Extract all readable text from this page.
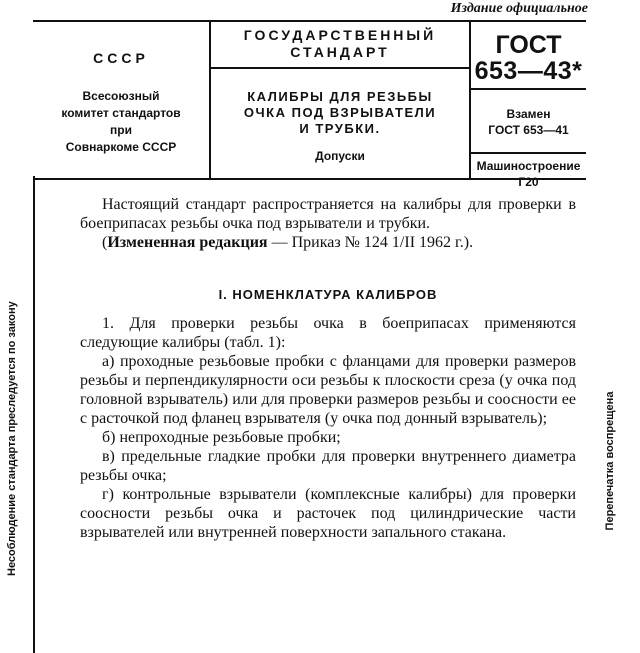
Издание официальное
СССР
Всесоюзный
комитет стандартов
при
Совнаркоме СССР
ГОСУДАРСТВЕННЫЙ
СТАНДАРТ
КАЛИБРЫ ДЛЯ РЕЗЬБЫ
ОЧКА ПОД ВЗРЫВАТЕЛИ
И ТРУБКИ.
Допуски
ГОСТ
653—43*
Взамен
ГОСТ 653—41
Машиностроение
Г20

Настоящий стандарт распространяется на калибры для проверки в боеприпасах резьбы очка под взрыватели и трубки.

(Измененная редакция — Приказ № 124 1/II 1962 г.).

I. НОМЕНКЛАТУРА КАЛИБРОВ

1. Для проверки резьбы очка в боеприпасах применяются следующие калибры (табл. 1):

а) проходные резьбовые пробки с фланцами для проверки размеров резьбы и перпендикулярности оси резьбы к плоскости среза (у очка под головной взрыватель) или для проверки размеров резьбы и соосности ее с расточкой под фланец взрывателя (у очка под донный взрыватель);

б) непроходные резьбовые пробки;

в) предельные гладкие пробки для проверки внутреннего диаметра резьбы очка;

г) контрольные взрыватели (комплексные калибры) для проверки соосности резьбы очка и расточек под цилиндрические части взрывателей или внутренней поверхности запального стакана.

Несоблюдение стандарта преследуется по закону	Перепечатка воспрещена
